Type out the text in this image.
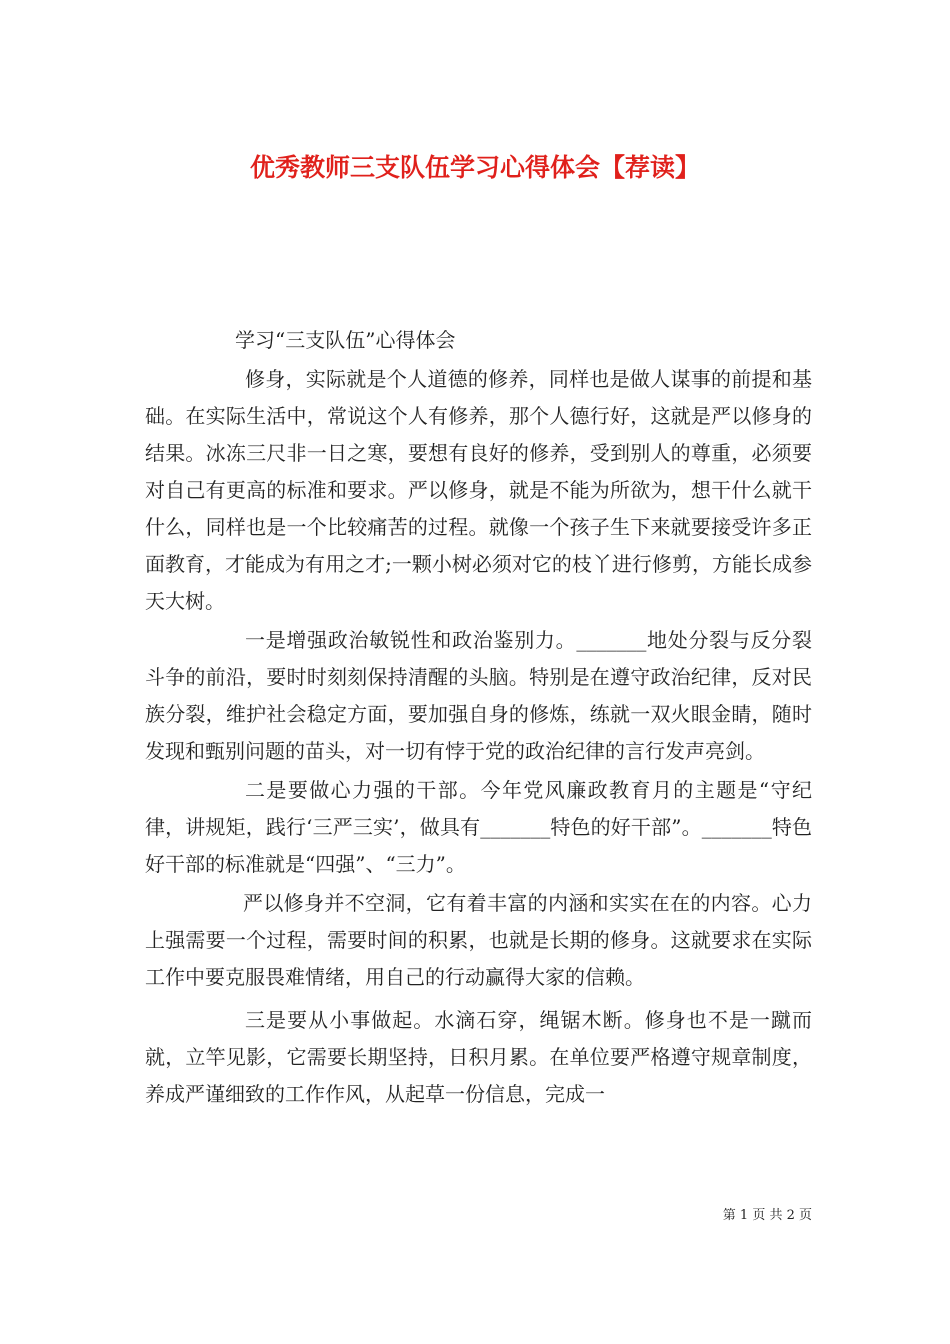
优秀教师三支队伍学习心得体会【荐读】

学习“三支队伍”心得体会

修身，实际就是个人道德的修养，同样也是做人谋事的前提和基础。在实际生活中，常说这个人有修养，那个人德行好，这就是严以修身的结果。冰冻三尺非一日之寒，要想有良好的修养，受到别人的尊重，必须要对自己有更高的标准和要求。严以修身，就是不能为所欲为，想干什么就干什么，同样也是一个比较痛苦的过程。就像一个孩子生下来就要接受许多正面教育，才能成为有用之才;一颗小树必须对它的枝丫进行修剪，方能长成参天大树。

一是增强政治敏锐性和政治鉴别力。_______地处分裂与反分裂斗争的前沿，要时时刻刻保持清醒的头脑。特别是在遵守政治纪律，反对民族分裂，维护社会稳定方面，要加强自身的修炼，练就一双火眼金睛，随时发现和甄别问题的苗头，对一切有悖于党的政治纪律的言行发声亮剑。

二是要做心力强的干部。今年党风廉政教育月的主题是“守纪律，讲规矩，践行‘三严三实’，做具有_______特色的好干部”。_______特色好干部的标准就是“四强”、“三力”。

严以修身并不空洞，它有着丰富的内涵和实实在在的内容。心力上强需要一个过程，需要时间的积累，也就是长期的修身。这就要求在实际工作中要克服畏难情绪，用自己的行动赢得大家的信赖。

三是要从小事做起。水滴石穿，绳锯木断。修身也不是一蹴而就，立竿见影，它需要长期坚持，日积月累。在单位要严格遵守规章制度，养成严谨细致的工作作风，从起草一份信息，完成一

第 1 页 共 2 页
